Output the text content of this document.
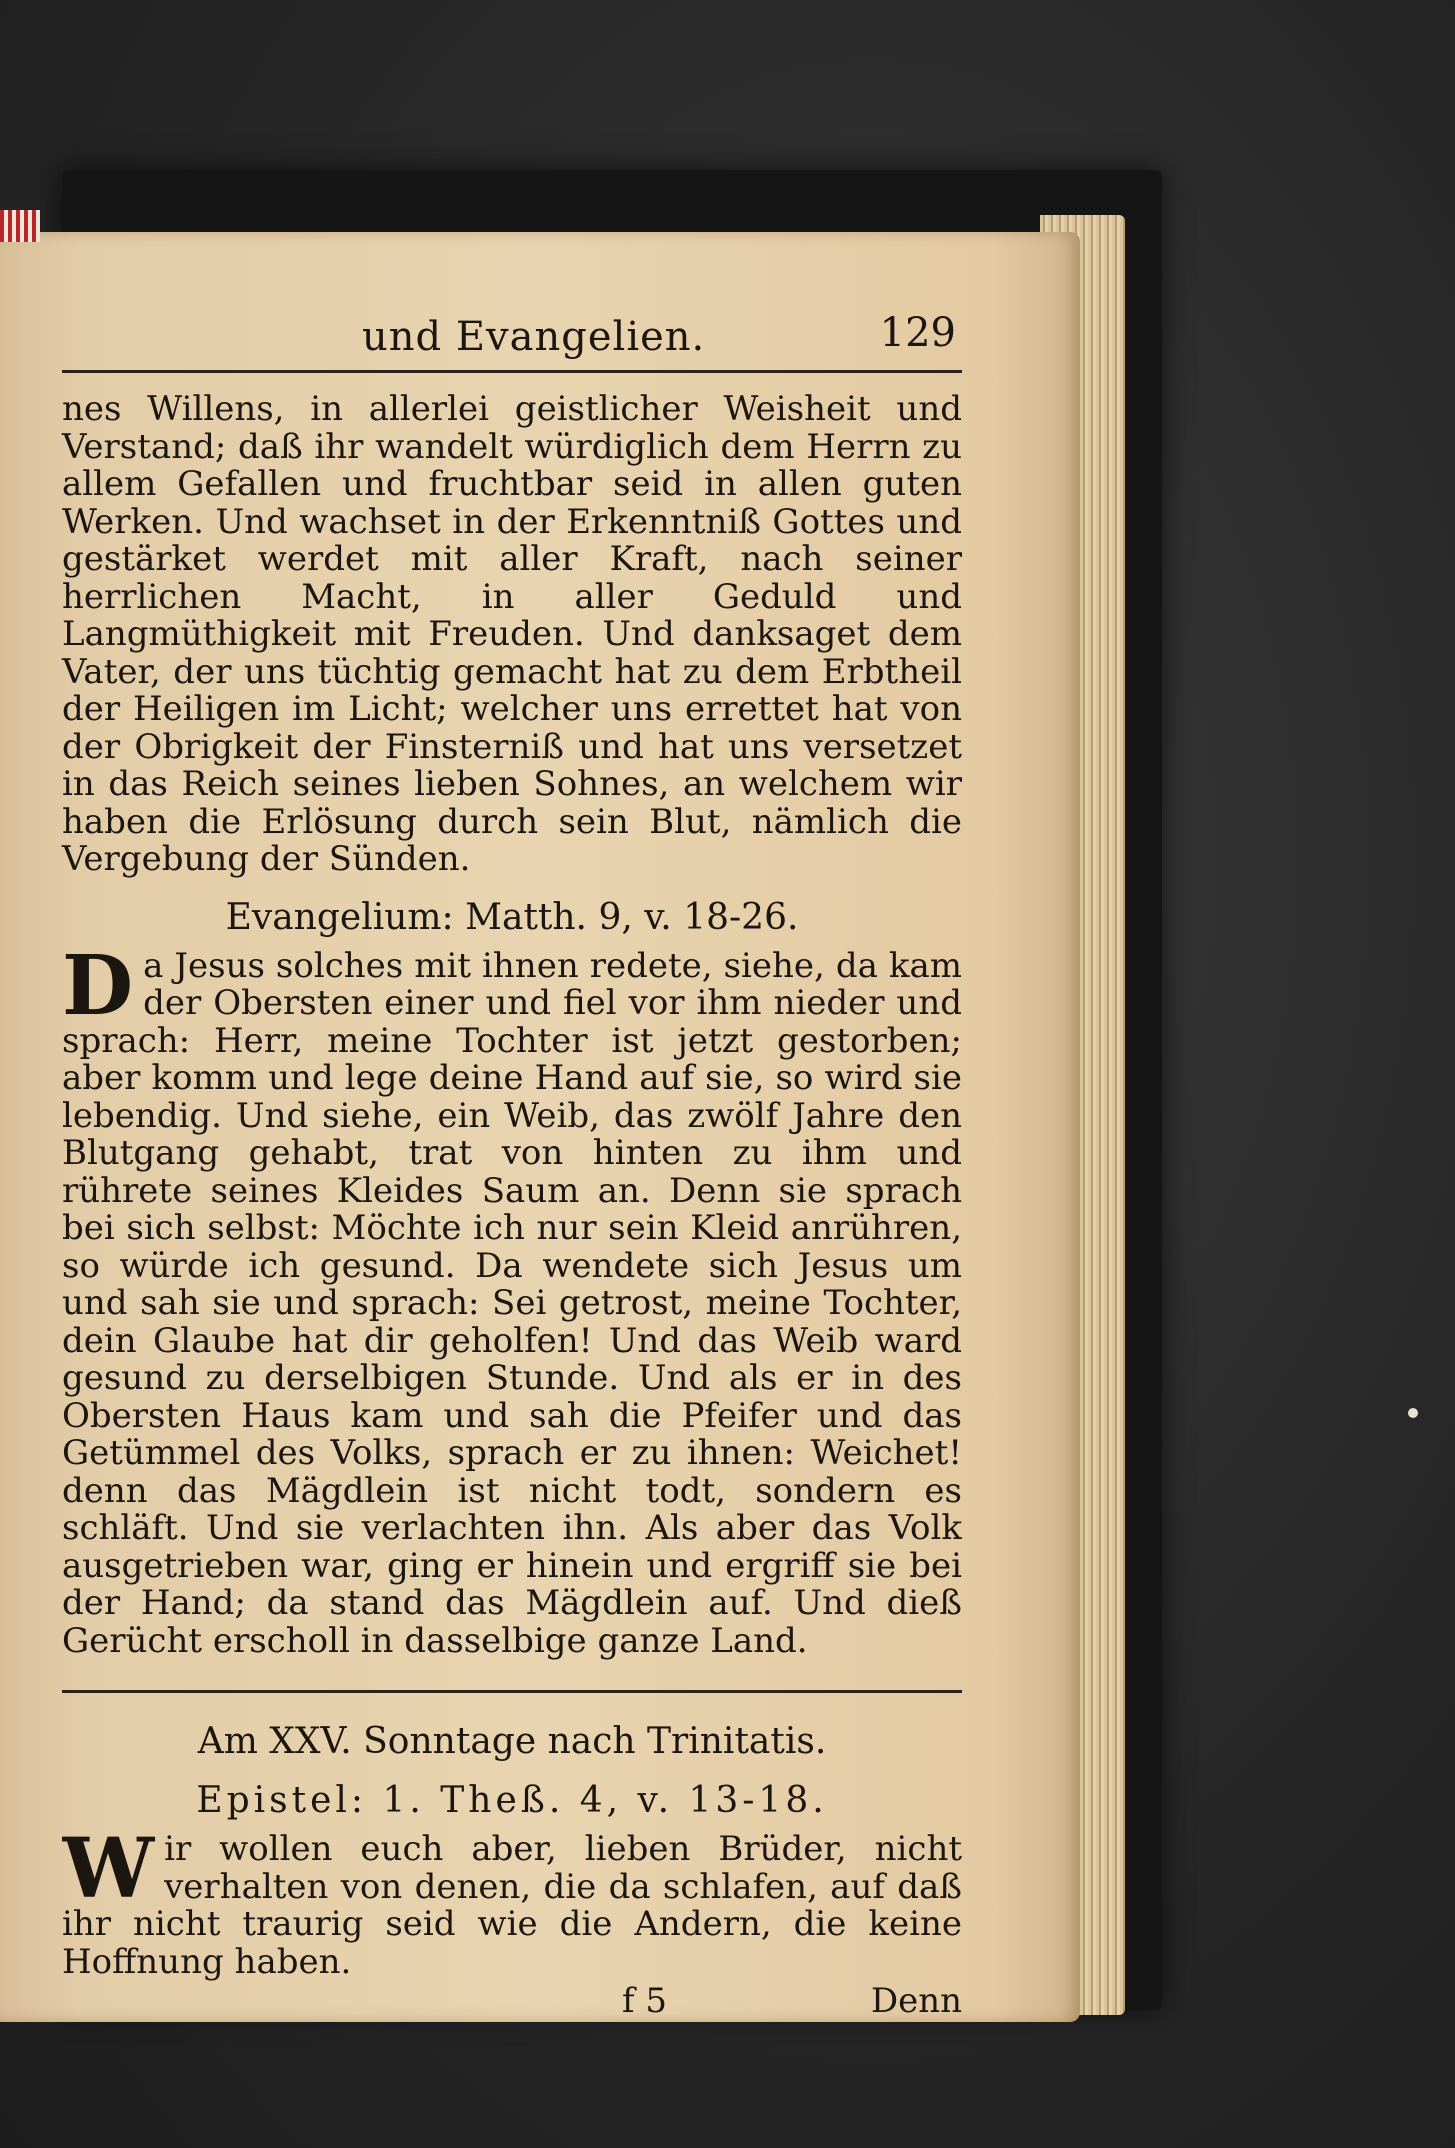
und Evangelien.	129

nes Willens, in allerlei geistlicher Weisheit und Verstand; daß ihr wandelt würdiglich dem Herrn zu allem Gefallen und fruchtbar seid in allen guten Werken. Und wachset in der Erkenntniß Gottes und gestärket werdet mit aller Kraft, nach seiner herrlichen Macht, in aller Geduld und Langmüthigkeit mit Freuden. Und danksaget dem Vater, der uns tüchtig gemacht hat zu dem Erbtheil der Heiligen im Licht; welcher uns errettet hat von der Obrigkeit der Finsterniß und hat uns versetzet in das Reich seines lieben Sohnes, an welchem wir haben die Erlösung durch sein Blut, nämlich die Vergebung der Sünden.

Evangelium: Matth. 9, v. 18-26.
D a Jesus solches mit ihnen redete, siehe, da kam der Obersten einer und fiel vor ihm nieder und sprach: Herr, meine Tochter ist jetzt gestorben; aber komm und lege deine Hand auf sie, so wird sie lebendig. Und siehe, ein Weib, das zwölf Jahre den Blutgang gehabt, trat von hinten zu ihm und rührete seines Kleides Saum an. Denn sie sprach bei sich selbst: Möchte ich nur sein Kleid anrühren, so würde ich gesund. Da wendete sich Jesus um und sah sie und sprach: Sei getrost, meine Tochter, dein Glaube hat dir geholfen! Und das Weib ward gesund zu derselbigen Stunde. Und als er in des Obersten Haus kam und sah die Pfeifer und das Getümmel des Volks, sprach er zu ihnen: Weichet! denn das Mägdlein ist nicht todt, sondern es schläft. Und sie verlachten ihn. Als aber das Volk ausgetrieben war, ging er hinein und ergriff sie bei der Hand; da stand das Mägdlein auf. Und dieß Gerücht erscholl in dasselbige ganze Land.

Am XXV. Sonntage nach Trinitatis.
Epistel: 1. Theß. 4, v. 13-18.
W ir wollen euch aber, lieben Brüder, nicht verhalten von denen, die da schlafen, auf daß ihr nicht traurig seid wie die Andern, die keine Hoffnung haben.

f 5	Denn
